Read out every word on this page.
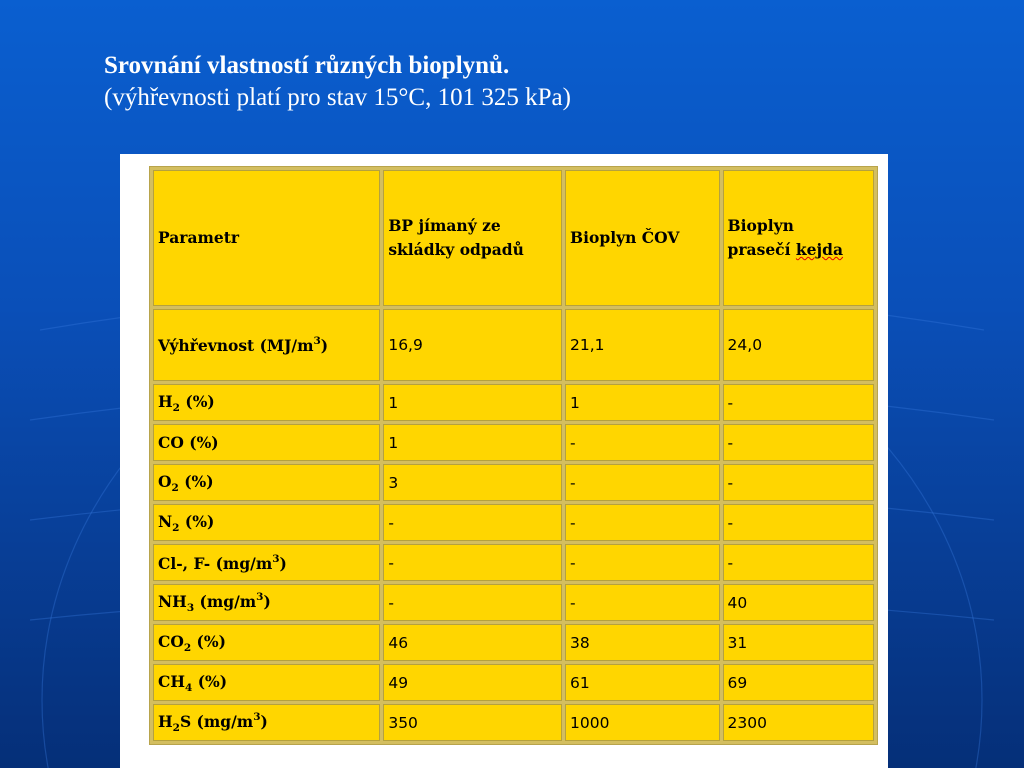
Srovnání vlastností různých bioplynů.
(výhřevnosti platí pro stav 15°C, 101 325 kPa)
Parametr	BP jímaný ze
skládky odpadů	Bioplyn ČOV	Bioplyn
prasečí kejda
Výhřevnost $(MJ/m^3)$	16,9	21,1	24,0
$H_2$ (%)	1	1	-
CO (%)	1	-	-
$O_2$ (%)	3	-	-
$N_2$ (%)	-	-	-
Cl-, F- $(mg/m^3)$	-	-	-
$NH_3$ $(mg/m^3)$	-	-	40
$CO_2$ (%)	46	38	31
$CH_4$ (%)	49	61	69
$H_2S$ $(mg/m^3)$	350	1000	2300
